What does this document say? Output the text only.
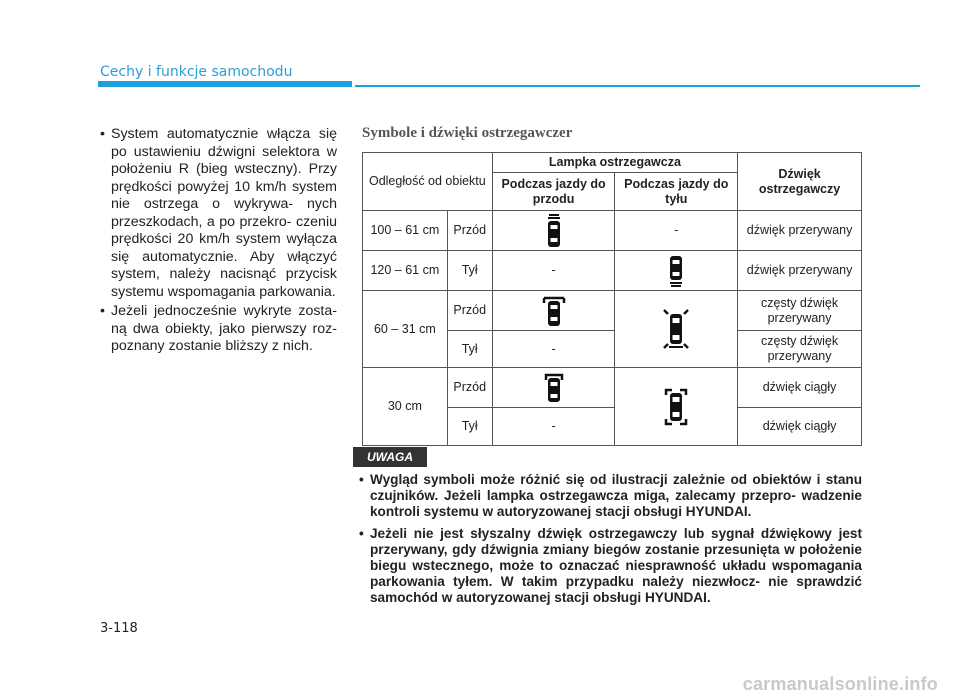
Cechy i funkcje samochodu
• System automatycznie włącza się po ustawieniu dźwigni selektora w położeniu R (bieg wsteczny). Przy prędkości powyżej 10 km/h system nie ostrzega o wykrywa- nych przeszkodach, a po przekro- czeniu prędkości 20 km/h system wyłącza się automatycznie. Aby włączyć system, należy nacisnąć przycisk systemu wspomagania parkowania.
• Jeżeli jednocześnie wykryte zosta- ną dwa obiekty, jako pierwszy roz- poznany zostanie bliższy z nich.
Symbole i dźwięki ostrzegawczer
Odległość od obiektu		Lampka ostrzegawcza		Dźwięk ostrzegawczy
		Podczas jazdy do przodu	Podczas jazdy do tyłu	
100 – 61 cm	Przód		-	dźwięk przerywany
120 – 61 cm	Tył	-		dźwięk przerywany
60 – 31 cm	Przód			częsty dźwięk przerywany
	Tył	-		częsty dźwięk przerywany
30 cm	Przód			dźwięk ciągły
	Tył	-		dźwięk ciągły
UWAGA
• Wygląd symboli może różnić się od ilustracji zależnie od obiektów i stanu czujników. Jeżeli lampka ostrzegawcza miga, zalecamy przepro- wadzenie kontroli systemu w autoryzowanej stacji obsługi HYUNDAI.
• Jeżeli nie jest słyszalny dźwięk ostrzegawczy lub sygnał dźwiękowy jest przerywany, gdy dźwignia zmiany biegów zostanie przesunięta w położenie biegu wstecznego, może to oznaczać niesprawność układu wspomagania parkowania tyłem. W takim przypadku należy niezwłocz- nie sprawdzić samochód w autoryzowanej stacji obsługi HYUNDAI.
3-118
carmanualsonline.info
